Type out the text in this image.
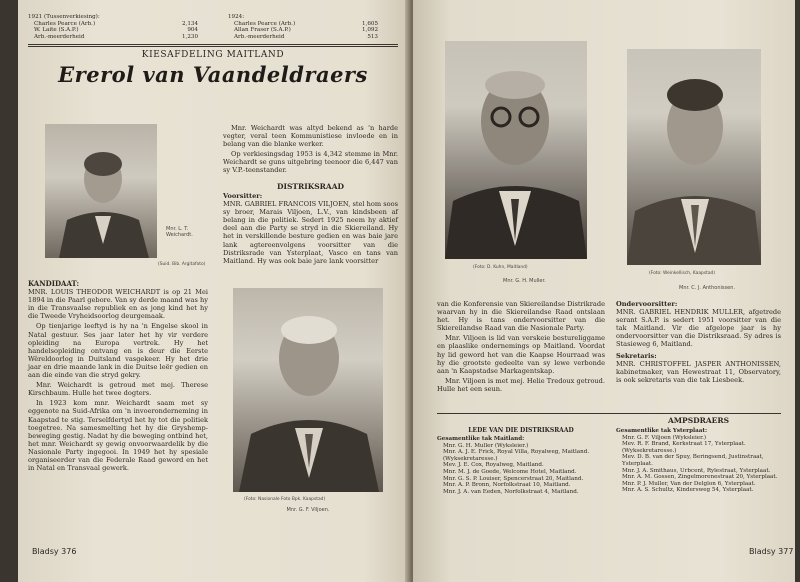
1921 (Tussenverkiesing):
Charles Pearce (Arb.)	2,134
W. Laite (S.A.P.)	904
Arb.-meerderheid	1,230
1924:
Charles Pearce (Arb.)	1,605
Allan Fraser (S.A.P.)	1,092
Arb.-meerderheid	513
KIESAFDELING MAITLAND
Ererol van Vaandeldraers
Mnr. L. T. Weichardt.
(Suid. Bib. Argitafoto)

Mnr. Weichardt was altyd bekend as 'n harde vegter, veral teen Kommunistiese invloede en in belang van die blanke werker.

Op verkiesingsdag 1953 is 4,342 stemme in Mnr. Weichardt se guns uitgebring teenoor die 6,447 van sy V.P.-teenstander.

DISTRIKSRAAD
Voorsitter:

MNR. GABRIEL FRANCOIS VILJOEN, stel hom soos sy broer, Marais Viljoen, L.V., van kindsbeen af belang in die politiek. Sedert 1925 neem hy aktief deel aan die Party se stryd in die Skiereiland. Hy het in verskillende besture gedien en was baie jare lank agtereenvolgens voorsitter van die Distriksrade van Ysterplaat, Vasco en tans van Maitland. Hy was ook baie jare lank voorsitter

KANDIDAAT:

MNR. LOUIS THEODOR WEICHARDT is op 21 Mei 1894 in die Paarl gebore. Van sy derde maand was hy in die Transvaalse republiek en as jong kind het hy die Tweede Vryheidsoorlog deurgemaak.

Op tienjarige leeftyd is hy na 'n Engelse skool in Natal gestuur. Ses jaar later het hy vir verdere opleiding na Europa vertrek. Hy het handelsopleiding ontvang en is deur die Eerste Wêreldoorlog in Duitsland vasgekeer. Hy het drie jaar en drie maande lank in die Duitse leër gedien en aan die einde van die stryd gekry.

Mnr. Weichardt is getroud met mej. Therese Kirschbaum. Hulle het twee dogters.

In 1923 kom mnr. Weichardt saam met sy eggenote na Suid-Afrika om 'n invoeronderneming in Kaapstad te stig. Terselfdertyd het hy tot die politiek toegetree. Na samesmelting het hy die Gryshemp-beweging gestig. Nadat hy die beweging ontbind het, het mnr. Weichardt sy gewig onvoorwaardelik by die Nasionale Party ingegooi. In 1949 het hy spesiale organiseerder van die Federale Raad geword en het in Natal en Transvaal gewerk.

(Foto: Nasionale Foto Bpk. Kaapstad)
Mnr. G. F. Viljoen.
Bladsy 376
(Foto: D. Kuhn, Maitland)
Mnr. G. H. Muller.
(Foto: Weinkellisch, Kaapstad)
Mnr. C. J. Anthonissen.

van die Konferensie van Skiereilandse Distrikrade waarvan hy in die Skiereilandse Raad ontslaan het. Hy is tans ondervoorsitter van die Skiereilandse Raad van die Nasionale Party.

Mnr. Viljoen is lid van verskeie bestureliggame en plaaslike ondernemings op Maitland. Voordat hy lid geword het van die Kaapse Hourraad was hy die grootste gedeelte van sy lewe verbonde aan 'n Kaapstadse Markagentskap.

Mnr. Viljoen is met mej. Helie Tredoux getroud. Hulle het een seun.

Ondervoorsitter:

MNR. GABRIEL HENDRIK MULLER, afgetrede serant S.A.P. is sedert 1951 voorsitter van die tak Maitland. Vir die afgelope jaar is hy ondervoorsitter van die Distriksraad. Sy adres is Stasieweg 6, Maitland.

Sekretaris:

MNR. CHRISTOFFEL JASPER ANTHONISSEN, kabinetmaker, van Hewestraat 11, Observatory, is ook sekretaris van die tak Liesbeek.

AMPSDRAERS
LEDE VAN DIE DISTRIKSRAAD
Gesamentlike tak Maitland:
Mnr. G. H. Muller (Wyksleier.)
Mnr. A. J. E. Frick, Royal Villa, Royalweg, Maitland. (Wyksekretaresse.)
Mev. J. E. Cox, Royalweg, Maitland.
Mnr. M. J. de Goede, Welcome Hotel, Maitland.
Mnr. G. S. P. Louiser, Spencerstraat 20, Maitland.
Mnr. A. P. Bronn, Norfolkstraat 10, Maitland.
Mnr. J. A. van Eeden, Norfolkstraat 4, Maitland.
Gesamentlike tak Ysterplaat:
Mnr. G. F. Viljoen (Wyksleier.)
Mev. R. F. Brand, Kerkstraat 17, Ysterplaat. (Wyksekretaresse.)
Mev. D. B. van der Spuy, Beringsend, Justinstraat, Ysterplaat.
Mnr. J. A. Smithaus, Urbcent, Rylestraat, Ysterplaat.
Mnr. A. M. Gossen, Zingelmorenestraat 20, Ysterplaat.
Mnr. P. J. Muller, Van der Delglon 6, Ysterplaat.
Mnr. A. S. Schultz, Kindersweg 54, Ysterplaat.
Bladsy 377
